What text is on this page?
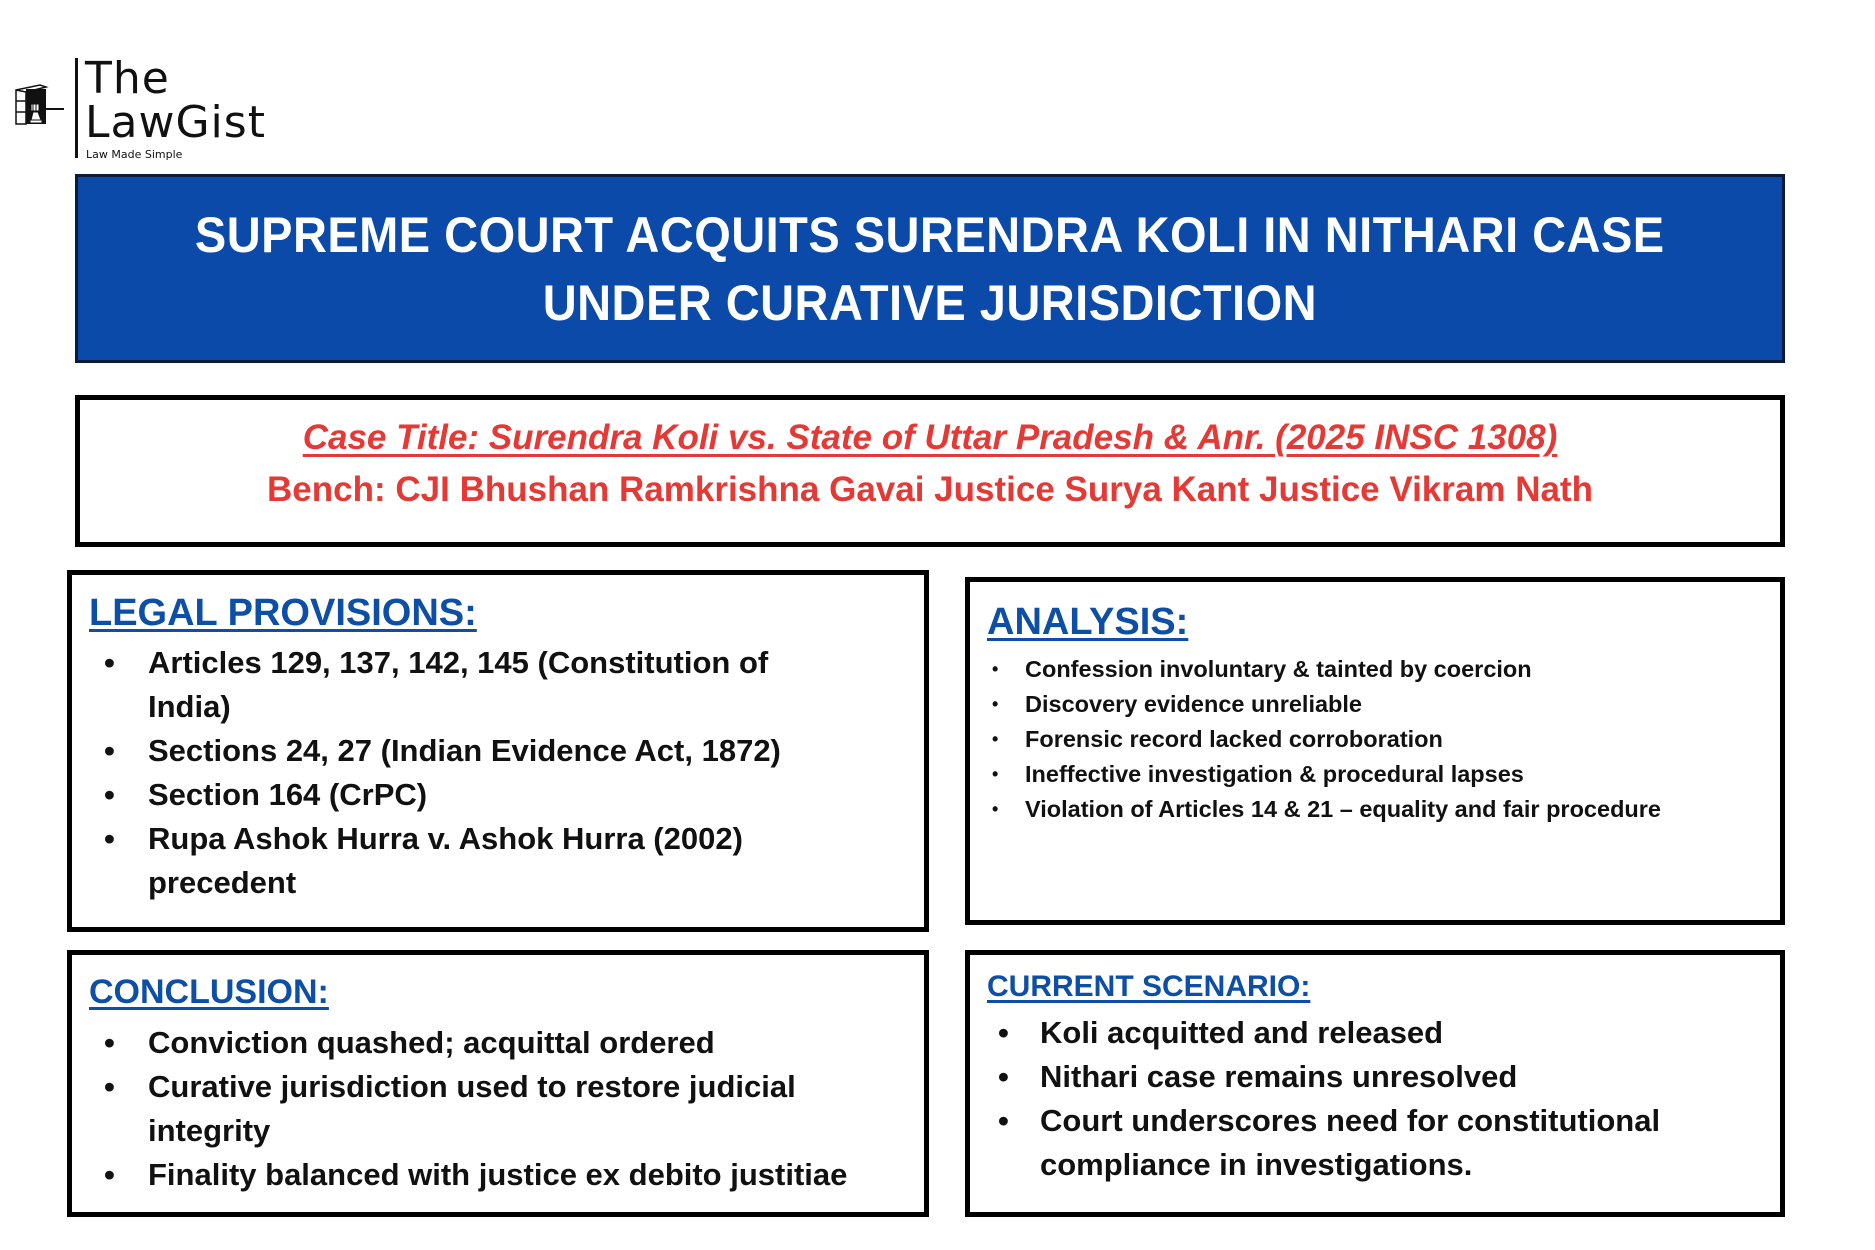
The
LawGist
Law Made Simple
SUPREME COURT ACQUITS SURENDRA KOLI IN NITHARI CASE
UNDER CURATIVE JURISDICTION
Case Title: Surendra Koli vs. State of Uttar Pradesh & Anr. (2025 INSC 1308)
Bench: CJI Bhushan Ramkrishna Gavai Justice Surya Kant Justice Vikram Nath
LEGAL PROVISIONS:
• Articles 129, 137, 142, 145 (Constitution of India)
• Sections 24, 27 (Indian Evidence Act, 1872)
• Section 164 (CrPC)
• Rupa Ashok Hurra v. Ashok Hurra (2002) precedent
ANALYSIS:
• Confession involuntary & tainted by coercion
• Discovery evidence unreliable
• Forensic record lacked corroboration
• Ineffective investigation & procedural lapses
• Violation of Articles 14 & 21 – equality and fair procedure
CONCLUSION:
• Conviction quashed; acquittal ordered
• Curative jurisdiction used to restore judicial integrity
• Finality balanced with justice ex debito justitiae
CURRENT SCENARIO:
• Koli acquitted and released
• Nithari case remains unresolved
• Court underscores need for constitutional compliance in investigations.
